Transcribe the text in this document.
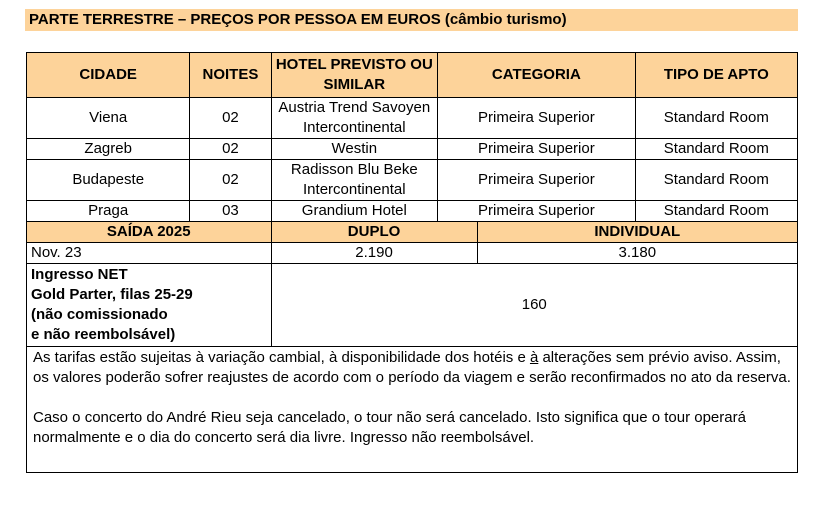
PARTE TERRESTRE – PREÇOS POR PESSOA EM EUROS (câmbio turismo)
CIDADE	NOITES	HOTEL PREVISTO OU SIMILAR	CATEGORIA		TIPO DE APTO
Viena	02	Austria Trend Savoyen Intercontinental	Primeira Superior		Standard Room
Zagreb	02	Westin	Primeira Superior		Standard Room
Budapeste	02	Radisson Blu Beke Intercontinental	Primeira Superior		Standard Room
Praga	03	Grandium Hotel	Primeira Superior		Standard Room
SAÍDA 2025		DUPLO		INDIVIDUAL	
Nov. 23		2.190		3.180	

Ingresso NET
Gold Parter, filas 25-29
(não comissionado
e não reembolsável)		160			

As tarifas estão sujeitas à variação cambial, à disponibilidade dos hotéis e à alterações sem prévio aviso. Assim, os valores poderão sofrer reajustes de acordo com o período da viagem e serão reconfirmados no ato da reserva.

Caso o concerto do André Rieu seja cancelado, o tour não será cancelado. Isto significa que o tour operará normalmente e o dia do concerto será dia livre. Ingresso não reembolsável.					
